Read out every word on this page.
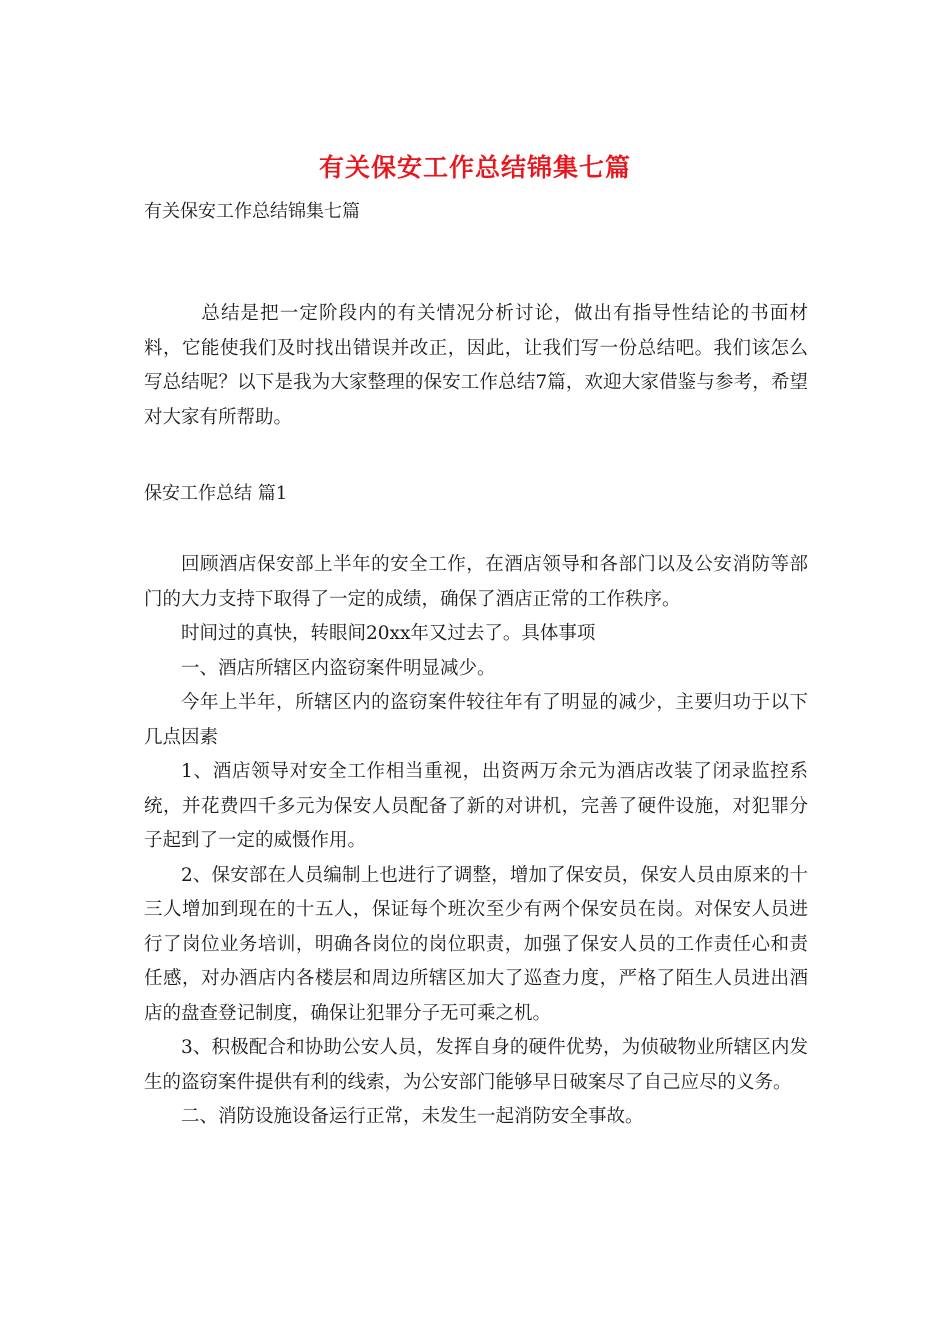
有关保安工作总结锦集七篇
有关保安工作总结锦集七篇

总结是把一定阶段内的有关情况分析讨论，做出有指导性结论的书面材料，它能使我们及时找出错误并改正，因此，让我们写一份总结吧。我们该怎么写总结呢？以下是我为大家整理的保安工作总结7篇，欢迎大家借鉴与参考，希望对大家有所帮助。

保安工作总结 篇1

回顾酒店保安部上半年的安全工作，在酒店领导和各部门以及公安消防等部门的大力支持下取得了一定的成绩，确保了酒店正常的工作秩序。

时间过的真快，转眼间20xx年又过去了。具体事项

一、酒店所辖区内盗窃案件明显减少。

今年上半年，所辖区内的盗窃案件较往年有了明显的减少，主要归功于以下几点因素

1、酒店领导对安全工作相当重视，出资两万余元为酒店改装了闭录监控系统，并花费四千多元为保安人员配备了新的对讲机，完善了硬件设施，对犯罪分子起到了一定的威慑作用。

2、保安部在人员编制上也进行了调整，增加了保安员，保安人员由原来的十三人增加到现在的十五人，保证每个班次至少有两个保安员在岗。对保安人员进行了岗位业务培训，明确各岗位的岗位职责，加强了保安人员的工作责任心和责任感，对办酒店内各楼层和周边所辖区加大了巡查力度，严格了陌生人员进出酒店的盘查登记制度，确保让犯罪分子无可乘之机。

3、积极配合和协助公安人员，发挥自身的硬件优势，为侦破物业所辖区内发生的盗窃案件提供有利的线索，为公安部门能够早日破案尽了自己应尽的义务。

二、消防设施设备运行正常，未发生一起消防安全事故。
